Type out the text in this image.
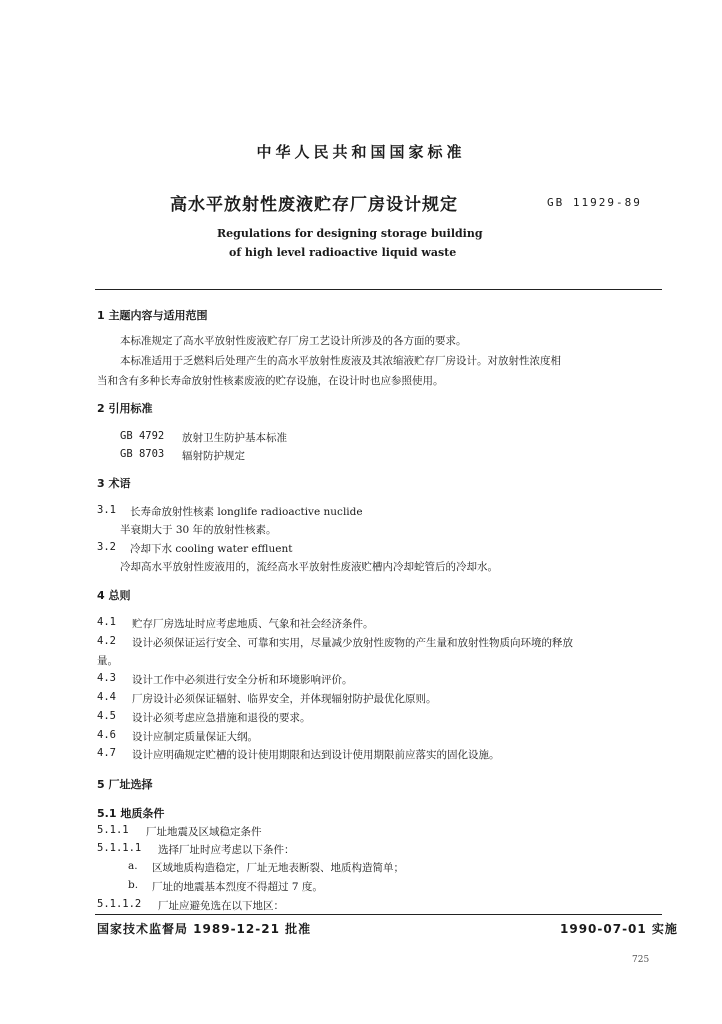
中华人民共和国国家标准
高水平放射性废液贮存厂房设计规定	GB 11929-89
Regulations for designing storage building
of high level radioactive liquid waste
1 主题内容与适用范围
本标准规定了高水平放射性废液贮存厂房工艺设计所涉及的各方面的要求。
本标准适用于乏燃料后处理产生的高水平放射性废液及其浓缩液贮存厂房设计。对放射性浓度相
当和含有多种长寿命放射性核素废液的贮存设施，在设计时也应参照使用。
2 引用标准
GB 4792 放射卫生防护基本标准
GB 8703 辐射防护规定
3 术语
3.1 长寿命放射性核素 longlife radioactive nuclide
半衰期大于 30 年的放射性核素。
3.2 冷却下水 cooling water effluent
冷却高水平放射性废液用的，流经高水平放射性废液贮槽内冷却蛇管后的冷却水。
4 总则
4.1 贮存厂房选址时应考虑地质、气象和社会经济条件。
4.2 设计必须保证运行安全、可靠和实用，尽量减少放射性废物的产生量和放射性物质向环境的释放
量。
4.3 设计工作中必须进行安全分析和环境影响评价。
4.4 厂房设计必须保证辐射、临界安全，并体现辐射防护最优化原则。
4.5 设计必须考虑应急措施和退役的要求。
4.6 设计应制定质量保证大纲。
4.7 设计应明确规定贮槽的设计使用期限和达到设计使用期限前应落实的固化设施。
5 厂址选择
5.1 地质条件
5.1.1 厂址地震及区域稳定条件
5.1.1.1 选择厂址时应考虑以下条件：
a. 区域地质构造稳定，厂址无地表断裂、地质构造简单；
b. 厂址的地震基本烈度不得超过 7 度。
5.1.1.2 厂址应避免选在以下地区：
国家技术监督局 1989-12-21 批准	1990-07-01 实施
725
